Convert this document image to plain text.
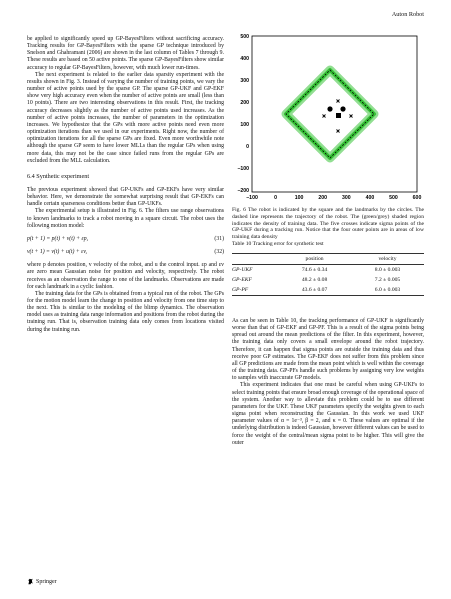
Auton Robot

be applied to significantly speed up GP-BayesFilters without sacrificing accuracy. Tracking results for GP-BayesFilters with the sparse GP technique introduced by Snelson and Ghahramani (2006) are shown in the last column of Tables 7 through 9. These results are based on 50 active points. The sparse GP-BayesFilters show similar accuracy to regular GP-BayesFilters, however, with much lower run-times.

The next experiment is related to the earlier data sparsity experiment with the results shown in Fig. 3. Instead of varying the number of training points, we vary the number of active points used by the sparse GP. The sparse GP-UKF and GP-EKF show very high accuracy even when the number of active points are small (less than 10 points). There are two interesting observations in this result. First, the tracking accuracy decreases slightly as the number of active points used increases. As the number of active points increases, the number of parameters in the optimization increases. We hypothesize that the GPs with more active points need even more optimization iterations than we used in our experiments. Right now, the number of optimization iterations for all the sparse GPs are fixed. Even more worthwhile note although the sparse GP seem to have lower MLLs than the regular GPs when using more data, this may not be the case since failed runs from the regular GPs are excluded from the MLL calculation.

6.4 Synthetic experiment

The previous experiment showed that GP-UKFs and GP-EKFs have very similar behavior. Here, we demonstrate the somewhat surprising result that GP-EKFs can handle certain sparseness conditions better than GP-UKFs.

The experimental setup is illustrated in Fig. 6. The filters use range observations to known landmarks to track a robot moving in a square circuit. The robot uses the following motion model:

p(t + 1) = p(t) + v(t) + εp,	(31)
v(t + 1) = v(t) + u(t) + εv,	(32)

where p denotes position, v velocity of the robot, and u the control input. εp and εv are zero mean Gaussian noise for position and velocity, respectively. The robot receives as an observation the range to one of the landmarks. Observations are made for each landmark in a cyclic fashion.

The training data for the GPs is obtained from a typical run of the robot. The GPs for the motion model learn the change in position and velocity from one time step to the next. This is similar to the modeling of the blimp dynamics. The observation model uses as training data range information and positions from the robot during the training run. That is, observation training data only comes from locations visited during the training run.

500
400
300
200
100
0
−100
−200
−100	0	100	200	300	400	500	600
Fig. 6 The robot is indicated by the square and the landmarks by the circles. The dashed line represents the trajectory of the robot. The (green/grey) shaded region indicates the density of training data. The five crosses indicate sigma points of the GP-UKF during a tracking run. Notice that the four outer points are in areas of low training data density
Table 10 Tracking error for synthetic test
	position	velocity
GP-UKF	74.6 ± 0.34	8.0 ± 0.003
GP-EKF	48.2 ± 0.08	7.2 ± 0.005
GP-PF	43.6 ± 0.07	6.0 ± 0.003

As can be seen in Table 10, the tracking performance of GP-UKF is significantly worse than that of GP-EKF and GP-PF. This is a result of the sigma points being spread out around the mean predictions of the filter. In this experiment, however, the training data only covers a small envelope around the robot trajectory. Therefore, it can happen that sigma points are outside the training data and thus receive poor GP estimates. The GP-EKF does not suffer from this problem since all GP predictions are made from the mean point which is well within the coverage of the training data. GP-PFs handle such problems by assigning very low weights to samples with inaccurate GP models.

This experiment indicates that one must be careful when using GP-UKFs to select training points that ensure broad enough coverage of the operational space of the system. Another way to alleviate this problem could be to use different parameters for the UKF. These UKF parameters specify the weights given to each sigma point when reconstructing the Gaussian. In this work we used UKF parameter values of α = 1e⁻³, β = 2, and κ = 0. These values are optimal if the underlying distribution is indeed Gaussian, however different values can be used to force the weight of the central/mean sigma point to be higher. This will give the outer

Springer
